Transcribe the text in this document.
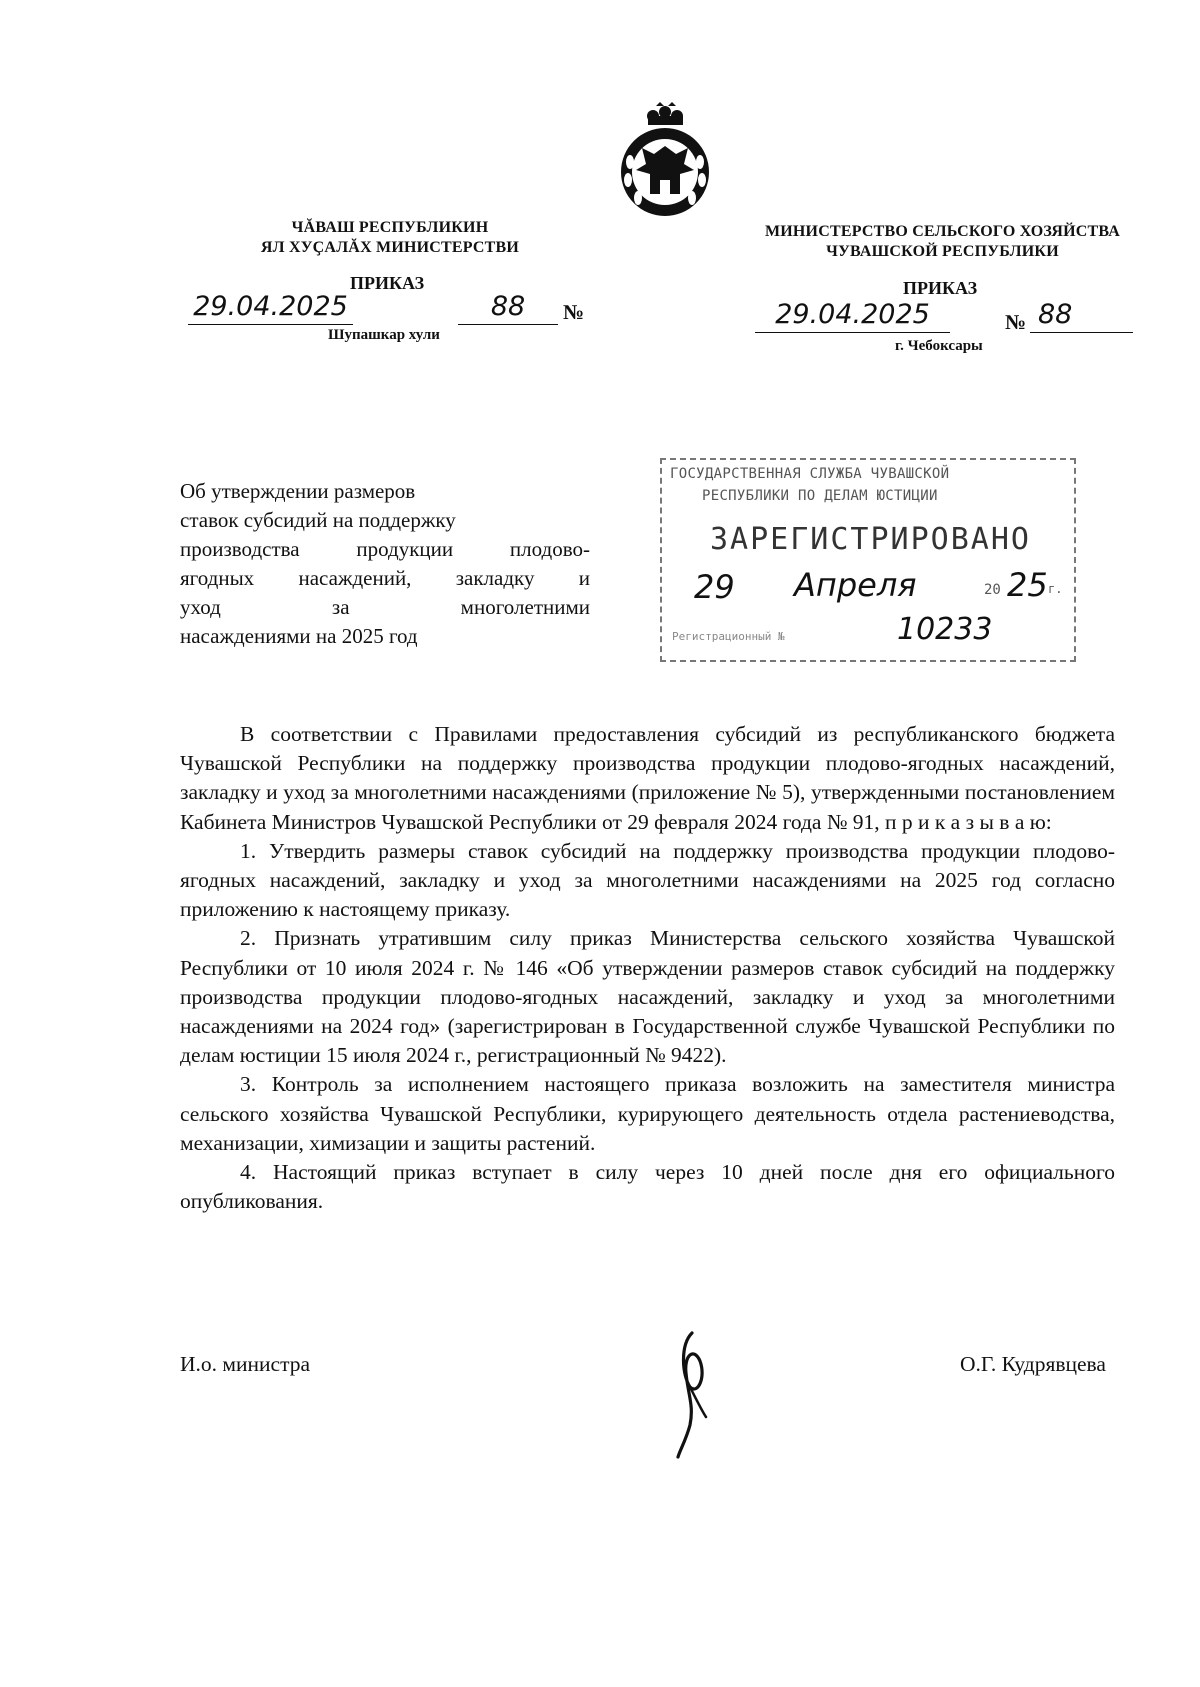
ЧĂВАШ РЕСПУБЛИКИН
ЯЛ ХУҪАЛĂХ МИНИСТЕРСТВИ
ПРИКАЗ
29.04.2025	88	№
Шупашкар хули
МИНИСТЕРСТВО СЕЛЬСКОГО ХОЗЯЙСТВА
ЧУВАШСКОЙ РЕСПУБЛИКИ
ПРИКАЗ
29.04.2025	№ 88
г. Чебоксары
Об утверждении размеров
ставок субсидий на поддержку
производства продукции плодово-
ягодных насаждений, закладку и
уход за многолетними
насаждениями на 2025 год
ГОСУДАРСТВЕННАЯ СЛУЖБА ЧУВАШСКОЙ
РЕСПУБЛИКИ ПО ДЕЛАМ ЮСТИЦИИ
ЗАРЕГИСТРИРОВАНО
29 Апреля	20 25 г.
Регистрационный №	10233

В соответствии с Правилами предоставления субсидий из республиканского бюджета Чувашской Республики на поддержку производства продукции плодово-ягодных насаждений, закладку и уход за многолетними насаждениями (приложение № 5), утвержденными постановлением Кабинета Министров Чувашской Республики от 29 февраля 2024 года № 91, п р и к а з ы в а ю:

1. Утвердить размеры ставок субсидий на поддержку производства продукции плодово-ягодных насаждений, закладку и уход за многолетними насаждениями на 2025 год согласно приложению к настоящему приказу.

2. Признать утратившим силу приказ Министерства сельского хозяйства Чувашской Республики от 10 июля 2024 г. № 146 «Об утверждении размеров ставок субсидий на поддержку производства продукции плодово-ягодных насаждений, закладку и уход за многолетними насаждениями на 2024 год» (зарегистрирован в Государственной службе Чувашской Республики по делам юстиции 15 июля 2024 г., регистрационный № 9422).

3. Контроль за исполнением настоящего приказа возложить на заместителя министра сельского хозяйства Чувашской Республики, курирующего деятельность отдела растениеводства, механизации, химизации и защиты растений.

4. Настоящий приказ вступает в силу через 10 дней после дня его официального опубликования.

И.о. министра	О.Г. Кудрявцева
